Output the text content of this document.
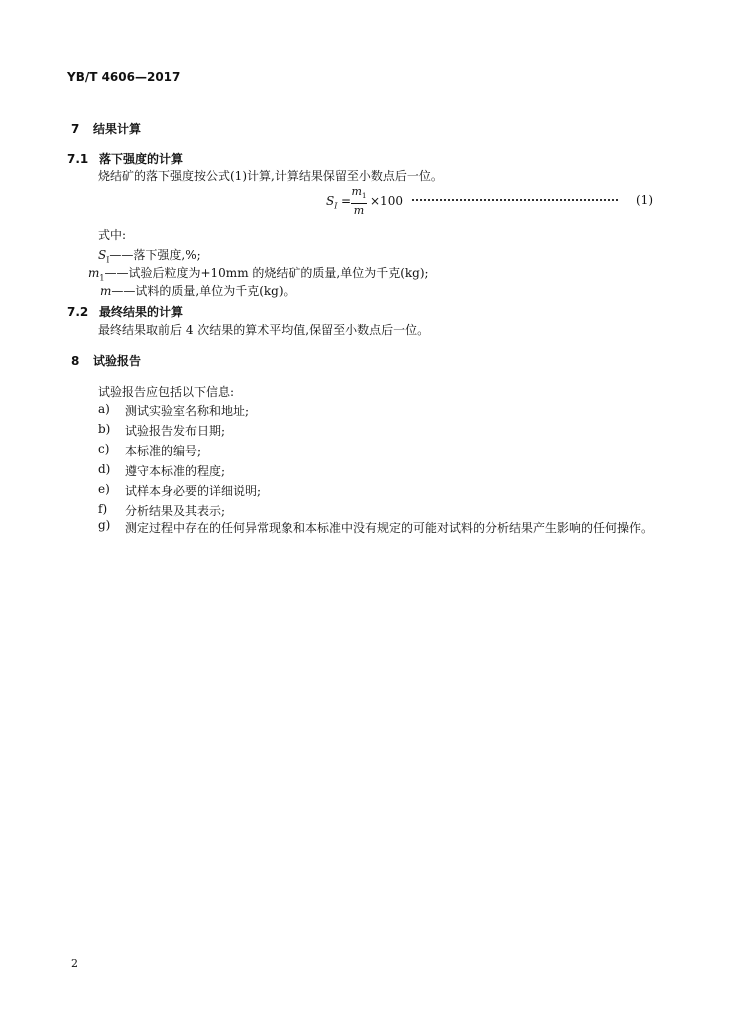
YB/T 4606—2017
7 结果计算
7.1 落下强度的计算
烧结矿的落下强度按公式(1)计算,计算结果保留至小数点后一位。
$S_I$ =
$m_1$
m
×100	(1)
式中:
$S_I——$落下强度,%;
$m_1——$试验后粒度为+10mm 的烧结矿的质量,单位为千克(kg);
m——试料的质量,单位为千克(kg)。
7.2 最终结果的计算
最终结果取前后 4 次结果的算术平均值,保留至小数点后一位。
8 试验报告
试验报告应包括以下信息:
a) 测试实验室名称和地址;
b) 试验报告发布日期;
c) 本标准的编号;
d) 遵守本标准的程度;
e) 试样本身必要的详细说明;
f) 分析结果及其表示;
g) 测定过程中存在的任何异常现象和本标准中没有规定的可能对试料的分析结果产生影响的任何操作。
2
